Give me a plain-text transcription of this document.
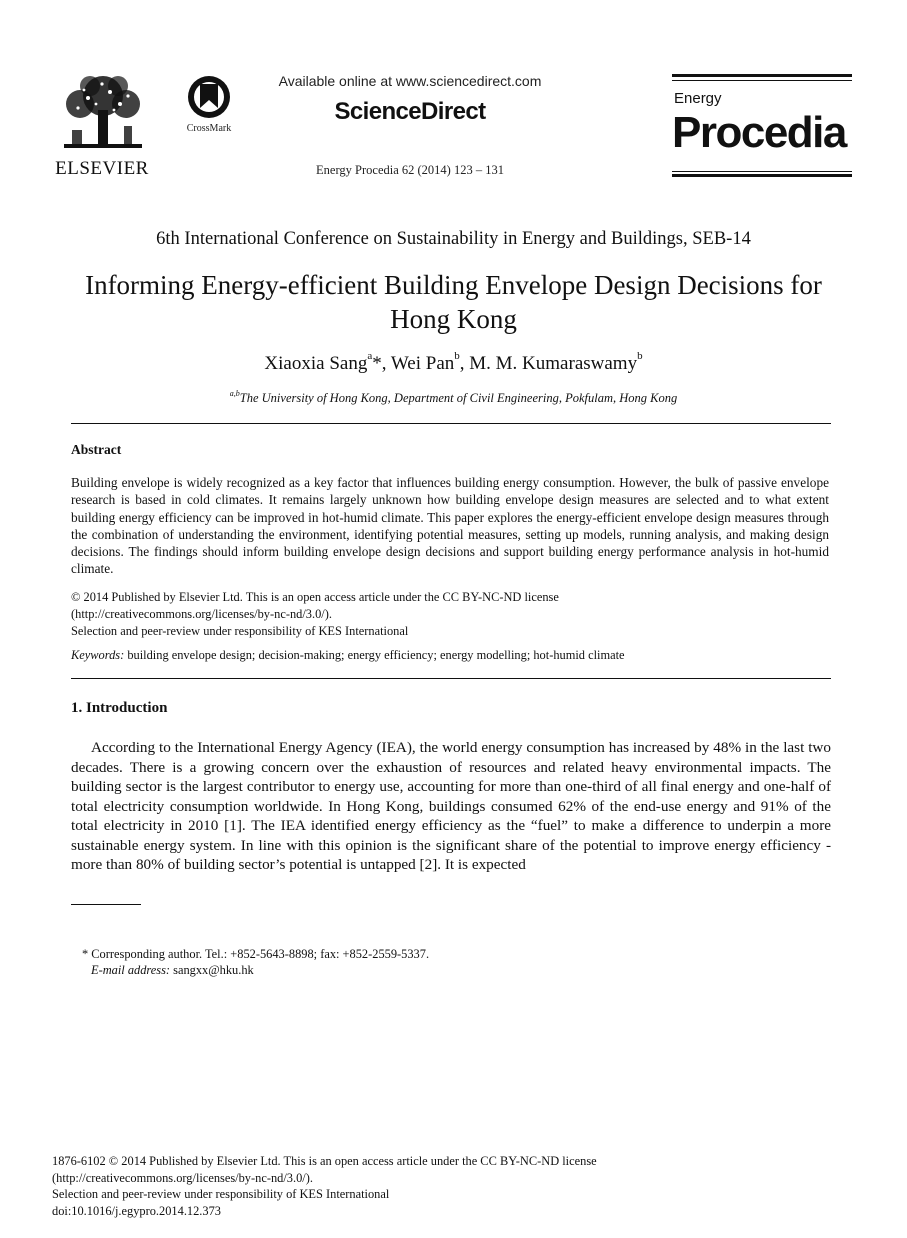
ELSEVIER
CrossMark
Available online at www.sciencedirect.com
ScienceDirect
Energy Procedia 62 (2014) 123 – 131
Energy
Procedia
6th International Conference on Sustainability in Energy and Buildings, SEB-14
Informing Energy-efficient Building Envelope Design Decisions for
Hong Kong
Xiaoxia Sang$^a$*, Wei Pan$^b$, M. M. Kumaraswamy$^b$
$^{a,b}$The University of Hong Kong, Department of Civil Engineering, Pokfulam, Hong Kong
Abstract
Building envelope is widely recognized as a key factor that influences building energy consumption. However, the bulk of passive envelope research is based in cold climates. It remains largely unknown how building envelope design measures are selected and to what extent building energy efficiency can be improved in hot-humid climate. This paper explores the energy-efficient envelope design measures through the combination of understanding the environment, identifying potential measures, setting up models, running analysis, and making design decisions. The findings should inform building envelope design decisions and support building energy performance analysis in hot-humid climate.
© 2014 Published by Elsevier Ltd. This is an open access article under the CC BY-NC-ND license
(http://creativecommons.org/licenses/by-nc-nd/3.0/).
Selection and peer-review under responsibility of KES International
Keywords: building envelope design; decision-making; energy efficiency; energy modelling; hot-humid climate
1. Introduction
According to the International Energy Agency (IEA), the world energy consumption has increased by 48% in the last two decades. There is a growing concern over the exhaustion of resources and related heavy environmental impacts. The building sector is the largest contributor to energy use, accounting for more than one-third of all final energy and one-half of total electricity consumption worldwide. In Hong Kong, buildings consumed 62% of the end-use energy and 91% of the total electricity in 2010 [1]. The IEA identified energy efficiency as the “fuel” to make a difference to underpin a more sustainable energy system. In line with this opinion is the significant share of the potential to improve energy efficiency - more than 80% of building sector’s potential is untapped [2]. It is expected
* Corresponding author. Tel.: +852-5643-8898; fax: +852-2559-5337.
E-mail address: sangxx@hku.hk
1876-6102 © 2014 Published by Elsevier Ltd. This is an open access article under the CC BY-NC-ND license
(http://creativecommons.org/licenses/by-nc-nd/3.0/).
Selection and peer-review under responsibility of KES International
doi:10.1016/j.egypro.2014.12.373
